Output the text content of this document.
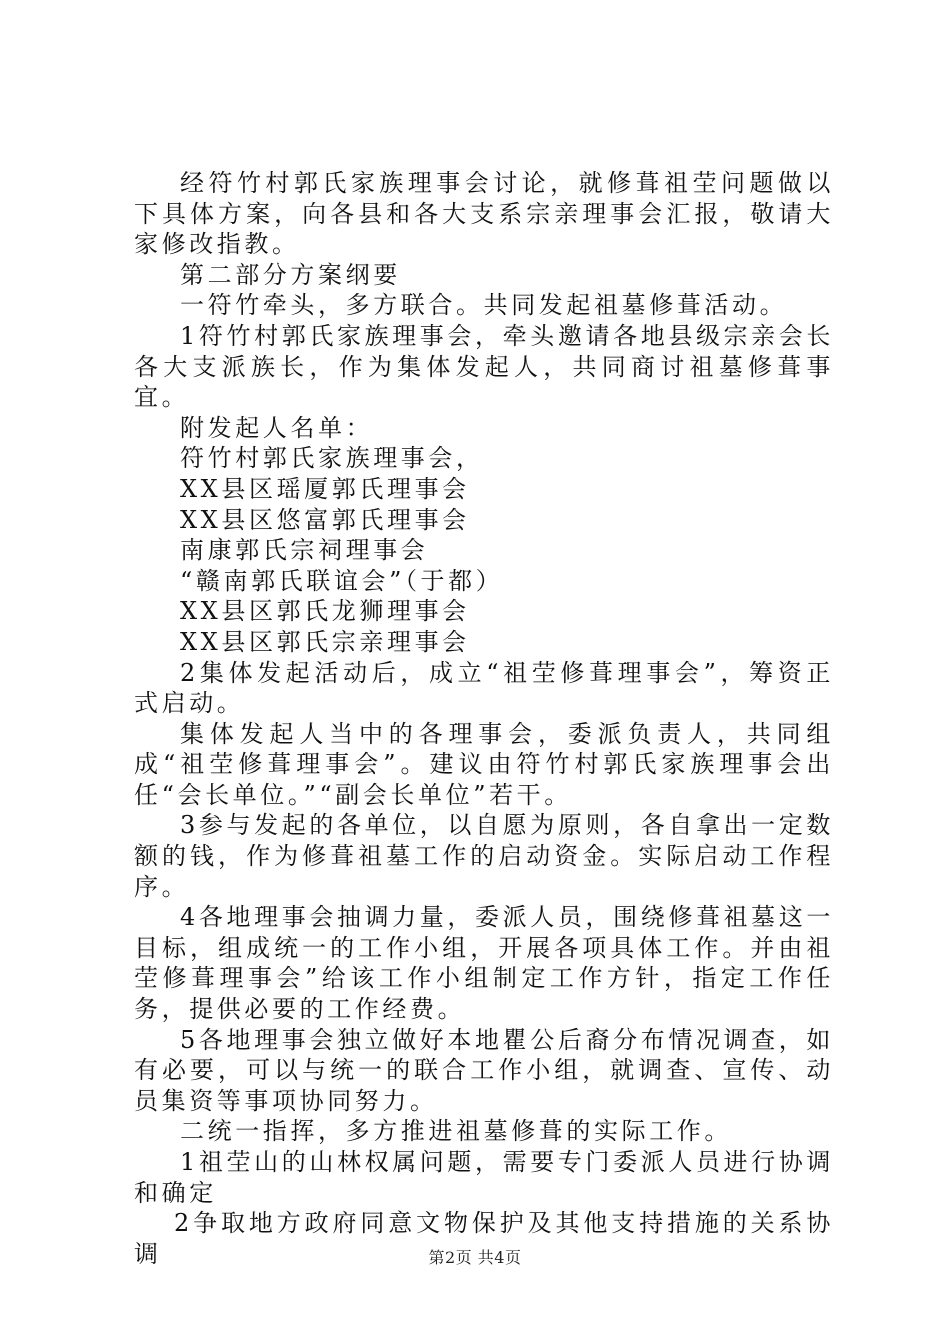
经符竹村郭氏家族理事会讨论，就修葺祖茔问题做以下具体方案，向各县和各大支系宗亲理事会汇报，敬请大家修改指教。

第二部分方案纲要

一符竹牵头，多方联合。共同发起祖墓修葺活动。

1符竹村郭氏家族理事会，牵头邀请各地县级宗亲会长各大支派族长，作为集体发起人，共同商讨祖墓修葺事宜。

附发起人名单：

符竹村郭氏家族理事会，

XX县区瑶厦郭氏理事会

XX县区悠富郭氏理事会

南康郭氏宗祠理事会

“赣南郭氏联谊会”（于都）

XX县区郭氏龙狮理事会

XX县区郭氏宗亲理事会

2集体发起活动后，成立“祖茔修葺理事会”，筹资正式启动。

集体发起人当中的各理事会，委派负责人，共同组成“祖茔修葺理事会”。建议由符竹村郭氏家族理事会出任“会长单位。”“副会长单位”若干。

3参与发起的各单位，以自愿为原则，各自拿出一定数额的钱，作为修葺祖墓工作的启动资金。实际启动工作程序。

4各地理事会抽调力量，委派人员，围绕修葺祖墓这一目标，组成统一的工作小组，开展各项具体工作。并由祖茔修葺理事会”给该工作小组制定工作方针，指定工作任务，提供必要的工作经费。

5各地理事会独立做好本地瞿公后裔分布情况调查，如有必要，可以与统一的联合工作小组，就调查、宣传、动员集资等事项协同努力。

二统一指挥，多方推进祖墓修葺的实际工作。

1祖茔山的山林权属问题，需要专门委派人员进行协调和确定

2争取地方政府同意文物保护及其他支持措施的关系协调	第2页 共4页
